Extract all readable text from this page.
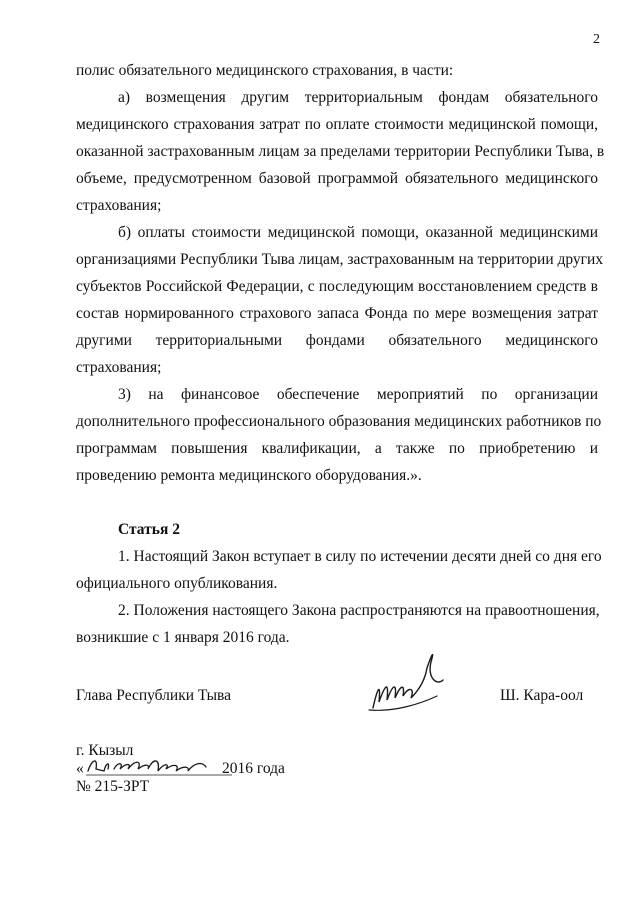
2
полис обязательного медицинского страхования, в части:
а) возмещения другим территориальным фондам обязательного
медицинского страхования затрат по оплате стоимости медицинской помощи,
оказанной застрахованным лицам за пределами территории Республики Тыва, в
объеме, предусмотренном базовой программой обязательного медицинского
страхования;
б) оплаты стоимости медицинской помощи, оказанной медицинскими
организациями Республики Тыва лицам, застрахованным на территории других
субъектов Российской Федерации, с последующим восстановлением средств в
состав нормированного страхового запаса Фонда по мере возмещения затрат
другими территориальными фондами обязательного медицинского
страхования;
3) на финансовое обеспечение мероприятий по организации
дополнительного профессионального образования медицинских работников по
программам повышения квалификации, а также по приобретению и
проведению ремонта медицинского оборудования.».
Статья 2
1. Настоящий Закон вступает в силу по истечении десяти дней со дня его
официального опубликования.
2. Положения настоящего Закона распространяются на правоотношения,
возникшие с 1 января 2016 года.
Глава Республики Тыва	Ш. Кара-оол
г. Кызыл
«	2016 года
№ 215-ЗРТ
